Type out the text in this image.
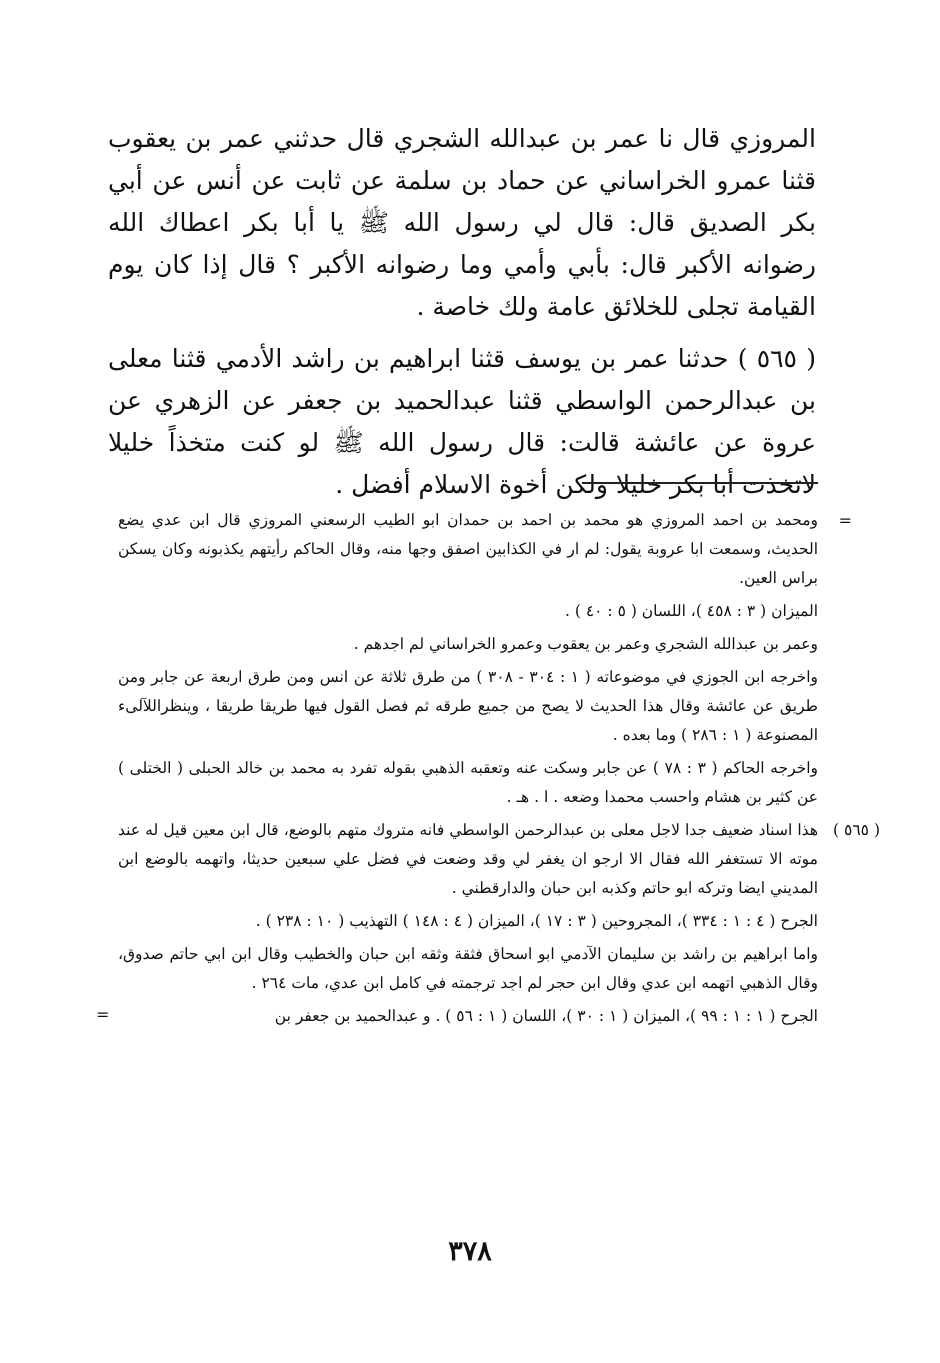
المروزي قال نا عمر بن عبدالله الشجري قال حدثني عمر بن يعقوب قثنا عمرو الخراساني عن حماد بن سلمة عن ثابت عن أنس عن أبي بكر الصديق قال: قال لي رسول الله ﷺ يا أبا بكر اعطاك الله رضوانه الأكبر قال: بأبي وأمي وما رضوانه الأكبر ؟ قال إذا كان يوم القيامة تجلى للخلائق عامة ولك خاصة .

( ٥٦٥ ) حدثنا عمر بن يوسف قثنا ابراهيم بن راشد الأدمي قثنا معلى بن عبدالرحمن الواسطي قثنا عبدالحميد بن جعفر عن الزهري عن عروة عن عائشة قالت: قال رسول الله ﷺ لو كنت متخذاً خليلا لاتخذت أبا بكر خليلا ولكن أخوة الاسلام أفضل .

=
ومحمد بن احمد المروزي هو محمد بن احمد بن حمدان ابو الطيب الرسعني المروزي قال ابن عدي يضع الحديث، وسمعت ابا عروبة يقول: لم ار في الكذابين اصفق وجها منه، وقال الحاكم رأيتهم يكذبونه وكان يسكن براس العين.
الميزان ( ٣ : ٤٥٨ )، اللسان ( ٥ : ٤٠ ) .
وعمر بن عبدالله الشجري وعمر بن يعقوب وعمرو الخراساني لم اجدهم .
واخرجه ابن الجوزي في موضوعاته ( ١ : ٣٠٤ - ٣٠٨ ) من طرق ثلاثة عن انس ومن طرق اربعة عن جابر ومن طريق عن عائشة وقال هذا الحديث لا يصح من جميع طرقه ثم فصل القول فيها طريقا طريقا ، وينظراللآلىء المصنوعة ( ١ : ٢٨٦ ) وما بعده .
واخرجه الحاكم ( ٣ : ٧٨ ) عن جابر وسكت عنه وتعقبه الذهبي بقوله تفرد به محمد بن خالد الحبلى ( الختلى ) عن كثير بن هشام واحسب محمدا وضعه . ا . هـ .
( ٥٦٥ )
هذا اسناد ضعيف جدا لاجل معلى بن عبدالرحمن الواسطي فانه متروك متهم بالوضع، قال ابن معين قيل له عند موته الا تستغفر الله فقال الا ارجو ان يغفر لي وقد وضعت في فضل علي سبعين حديثا، واتهمه بالوضع ابن المديني ايضا وتركه ابو حاتم وكذبه ابن حبان والدارقطني .
الجرح ( ٤ : ١ : ٣٣٤ )، المجروحين ( ٣ : ١٧ )، الميزان ( ٤ : ١٤٨ ) التهذيب ( ١٠ : ٢٣٨ ) .
واما ابراهيم بن راشد بن سليمان الآدمي ابو اسحاق فثقة وثقه ابن حبان والخطيب وقال ابن ابي حاتم صدوق، وقال الذهبي اتهمه ابن عدي وقال ابن حجر لم اجد ترجمته في كامل ابن عدي، مات ٢٦٤ .
الجرح ( ١ : ١ : ٩٩ )، الميزان ( ١ : ٣٠ )، اللسان ( ١ : ٥٦ ) . و عبدالحميد بن جعفر بن
=
٣٧٨
